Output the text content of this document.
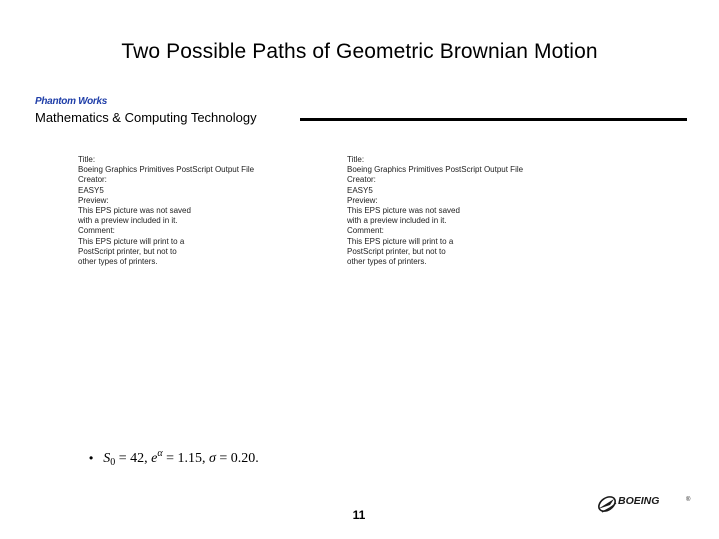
Two Possible Paths of Geometric Brownian Motion
Phantom Works
Mathematics & Computing Technology
Title:
Boeing Graphics Primitives PostScript Output File
Creator:
EASY5
Preview:
This EPS picture was not saved
with a preview included in it.
Comment:
This EPS picture will print to a
PostScript printer, but not to
other types of printers.
Title:
Boeing Graphics Primitives PostScript Output File
Creator:
EASY5
Preview:
This EPS picture was not saved
with a preview included in it.
Comment:
This EPS picture will print to a
PostScript printer, but not to
other types of printers.
• $S_0 = 42$, $e^\alpha = 1.15$, σ = 0.20.
11
BOEING	®
